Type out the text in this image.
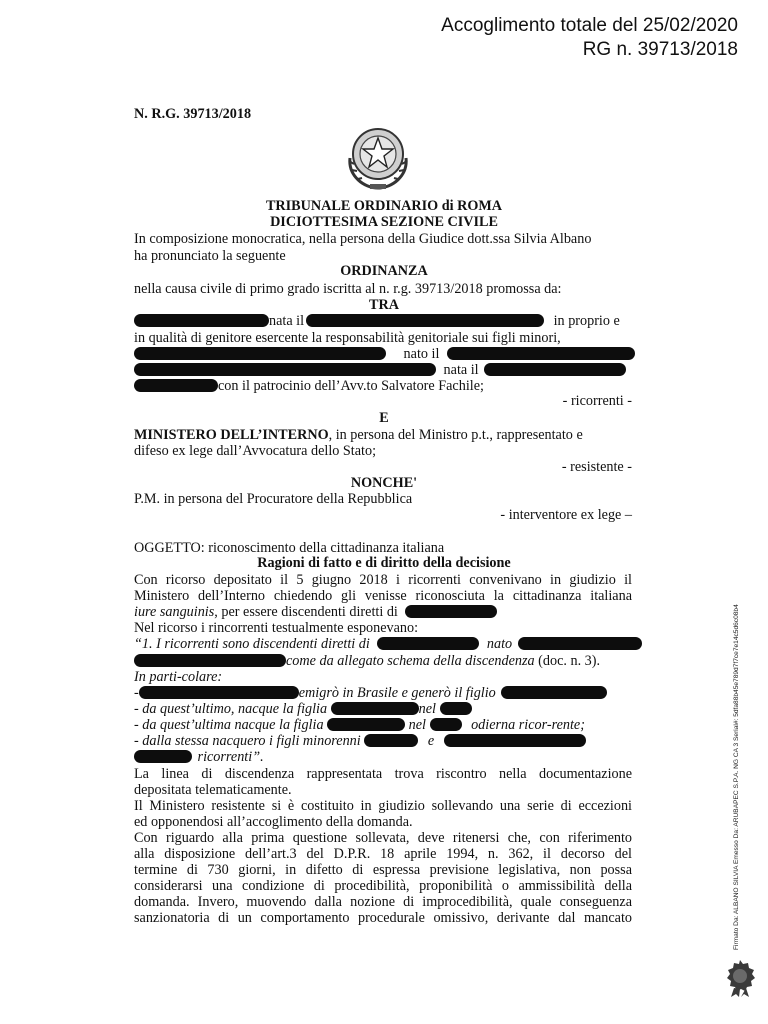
Accoglimento totale del 25/02/2020
RG n. 39713/2018
N. R.G. 39713/2018
TRIBUNALE ORDINARIO di ROMA
DICIOTTESIMA SEZIONE CIVILE
In composizione monocratica, nella persona della Giudice dott.ssa Silvia Albano
ha pronunciato la seguente
ORDINANZA
nella causa civile di primo grado iscritta al n. r.g. 39713/2018 promossa da:
TRA
nata il	in proprio e
in qualità di genitore esercente la responsabilità genitoriale sui figli minori,
nato il
nata il
con il patrocinio dell’Avv.to Salvatore Fachile;
- ricorrenti -
E
MINISTERO DELL’INTERNO, in persona del Ministro p.t., rappresentato e
difeso ex lege dall’Avvocatura dello Stato;
- resistente -
NONCHE'
P.M. in persona del Procuratore della Repubblica
- interventore ex lege –
OGGETTO: riconoscimento della cittadinanza italiana
Ragioni di fatto e di diritto della decisione
Con ricorso depositato il 5 giugno 2018 i ricorrenti convenivano in giudizio il
Ministero dell’Interno chiedendo gli venisse riconosciuta la cittadinanza italiana
iure sanguinis, per essere discendenti diretti di
Nel ricorso i rincorrenti testualmente esponevano:
“1. I ricorrenti sono discendenti diretti di	nato
come da allegato schema della discendenza (doc. n. 3).
In parti-colare:
-	emigrò in Brasile e generò il figlio
- da quest’ultimo, nacque la figlia	nel
- da quest’ultima nacque la figlia	nel	odierna ricor-rente;
- dalla stessa nacquero i figli minorenni	e
ricorrenti”.
La linea di discendenza rappresentata trova riscontro nella documentazione
depositata telematicamente.
Il Ministero resistente si è costituito in giudizio sollevando una serie di eccezioni
ed opponendosi all’accoglimento della domanda.
Con riguardo alla prima questione sollevata, deve ritenersi che, con riferimento
alla disposizione dell’art.3 del D.P.R. 18 aprile 1994, n. 362, il decorso del
termine di 730 giorni, in difetto di espressa previsione legislativa, non possa
considerarsi una condizione di procedibilità, proponibilità o ammissibilità della
domanda. Invero, muovendo dalla nozione di improcedibilità, quale conseguenza
sanzionatoria di un comportamento procedurale omissivo, derivante dal mancato	Firmato Da: ALBANO SILVIA Emesso Da: ARUBAPEC S.P.A. NG CA 3 Serial#: 5dfa88b45e789d7f7ce7e14c5d6c08b4
